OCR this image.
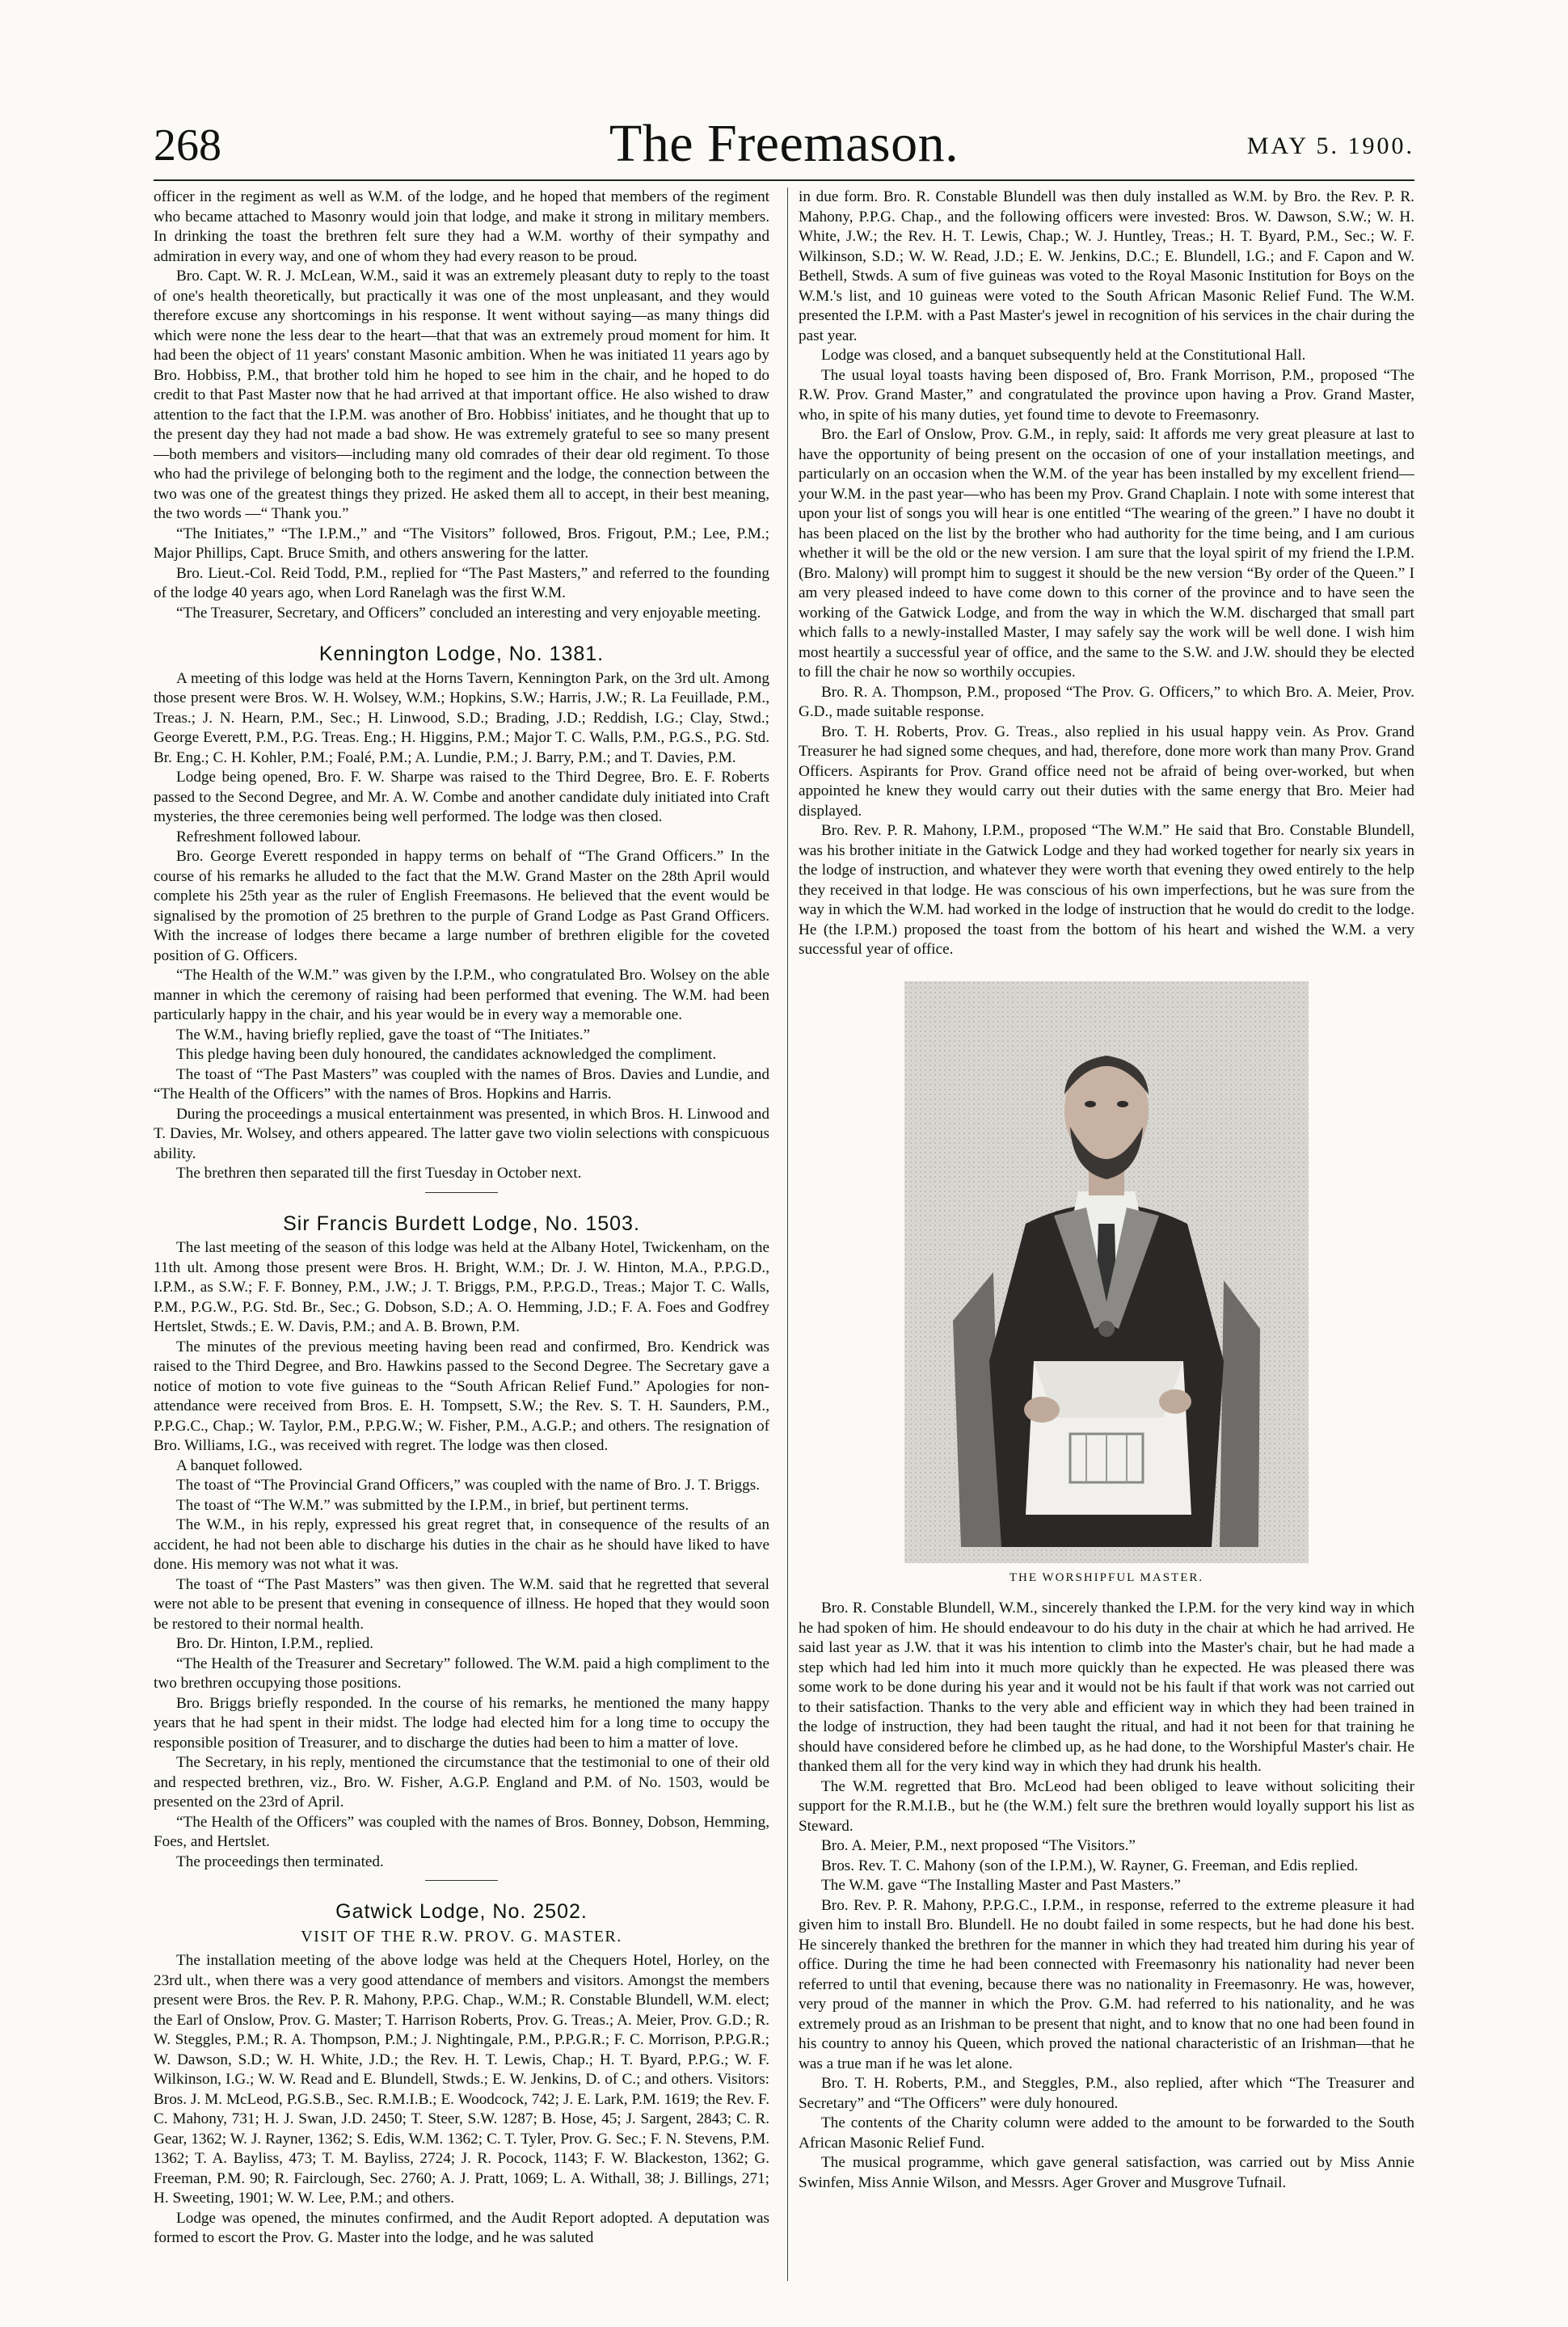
268	The Freemason.	MAY 5. 1900.

officer in the regiment as well as W.M. of the lodge, and he hoped that members of the regiment who became attached to Masonry would join that lodge, and make it strong in military members. In drinking the toast the brethren felt sure they had a W.M. worthy of their sympathy and admiration in every way, and one of whom they had every reason to be proud.

Bro. Capt. W. R. J. McLean, W.M., said it was an extremely pleasant duty to reply to the toast of one's health theoretically, but practically it was one of the most unpleasant, and they would therefore excuse any shortcomings in his response. It went without saying—as many things did which were none the less dear to the heart—that that was an extremely proud moment for him. It had been the object of 11 years' constant Masonic ambition. When he was initiated 11 years ago by Bro. Hobbiss, P.M., that brother told him he hoped to see him in the chair, and he hoped to do credit to that Past Master now that he had arrived at that important office. He also wished to draw attention to the fact that the I.P.M. was another of Bro. Hobbiss' initiates, and he thought that up to the present day they had not made a bad show. He was extremely grateful to see so many present—both members and visitors—including many old comrades of their dear old regiment. To those who had the privilege of belonging both to the regiment and the lodge, the connection between the two was one of the greatest things they prized. He asked them all to accept, in their best meaning, the two words —“ Thank you.”

“The Initiates,” “The I.P.M.,” and “The Visitors” followed, Bros. Frigout, P.M.; Lee, P.M.; Major Phillips, Capt. Bruce Smith, and others answering for the latter.

Bro. Lieut.-Col. Reid Todd, P.M., replied for “The Past Masters,” and referred to the founding of the lodge 40 years ago, when Lord Ranelagh was the first W.M.

“The Treasurer, Secretary, and Officers” concluded an interesting and very enjoyable meeting.

Kennington Lodge, No. 1381.

A meeting of this lodge was held at the Horns Tavern, Kennington Park, on the 3rd ult. Among those present were Bros. W. H. Wolsey, W.M.; Hopkins, S.W.; Harris, J.W.; R. La Feuillade, P.M., Treas.; J. N. Hearn, P.M., Sec.; H. Linwood, S.D.; Brading, J.D.; Reddish, I.G.; Clay, Stwd.; George Everett, P.M., P.G. Treas. Eng.; H. Higgins, P.M.; Major T. C. Walls, P.M., P.G.S., P.G. Std. Br. Eng.; C. H. Kohler, P.M.; Foalé, P.M.; A. Lundie, P.M.; J. Barry, P.M.; and T. Davies, P.M.

Lodge being opened, Bro. F. W. Sharpe was raised to the Third Degree, Bro. E. F. Roberts passed to the Second Degree, and Mr. A. W. Combe and another candidate duly initiated into Craft mysteries, the three ceremonies being well performed. The lodge was then closed.

Refreshment followed labour.

Bro. George Everett responded in happy terms on behalf of “The Grand Officers.” In the course of his remarks he alluded to the fact that the M.W. Grand Master on the 28th April would complete his 25th year as the ruler of English Freemasons. He believed that the event would be signalised by the promotion of 25 brethren to the purple of Grand Lodge as Past Grand Officers. With the increase of lodges there became a large number of brethren eligible for the coveted position of G. Officers.

“The Health of the W.M.” was given by the I.P.M., who congratulated Bro. Wolsey on the able manner in which the ceremony of raising had been performed that evening. The W.M. had been particularly happy in the chair, and his year would be in every way a memorable one.

The W.M., having briefly replied, gave the toast of “The Initiates.”

This pledge having been duly honoured, the candidates acknowledged the compliment.

The toast of “The Past Masters” was coupled with the names of Bros. Davies and Lundie, and “The Health of the Officers” with the names of Bros. Hopkins and Harris.

During the proceedings a musical entertainment was presented, in which Bros. H. Linwood and T. Davies, Mr. Wolsey, and others appeared. The latter gave two violin selections with conspicuous ability.

The brethren then separated till the first Tuesday in October next.

Sir Francis Burdett Lodge, No. 1503.

The last meeting of the season of this lodge was held at the Albany Hotel, Twickenham, on the 11th ult. Among those present were Bros. H. Bright, W.M.; Dr. J. W. Hinton, M.A., P.P.G.D., I.P.M., as S.W.; F. F. Bonney, P.M., J.W.; J. T. Briggs, P.M., P.P.G.D., Treas.; Major T. C. Walls, P.M., P.G.W., P.G. Std. Br., Sec.; G. Dobson, S.D.; A. O. Hemming, J.D.; F. A. Foes and Godfrey Hertslet, Stwds.; E. W. Davis, P.M.; and A. B. Brown, P.M.

The minutes of the previous meeting having been read and confirmed, Bro. Kendrick was raised to the Third Degree, and Bro. Hawkins passed to the Second Degree. The Secretary gave a notice of motion to vote five guineas to the “South African Relief Fund.” Apologies for non-attendance were received from Bros. E. H. Tompsett, S.W.; the Rev. S. T. H. Saunders, P.M., P.P.G.C., Chap.; W. Taylor, P.M., P.P.G.W.; W. Fisher, P.M., A.G.P.; and others. The resignation of Bro. Williams, I.G., was received with regret. The lodge was then closed.

A banquet followed.

The toast of “The Provincial Grand Officers,” was coupled with the name of Bro. J. T. Briggs.

The toast of “The W.M.” was submitted by the I.P.M., in brief, but pertinent terms.

The W.M., in his reply, expressed his great regret that, in consequence of the results of an accident, he had not been able to discharge his duties in the chair as he should have liked to have done. His memory was not what it was.

The toast of “The Past Masters” was then given. The W.M. said that he regretted that several were not able to be present that evening in consequence of illness. He hoped that they would soon be restored to their normal health.

Bro. Dr. Hinton, I.P.M., replied.

“The Health of the Treasurer and Secretary” followed. The W.M. paid a high compliment to the two brethren occupying those positions.

Bro. Briggs briefly responded. In the course of his remarks, he mentioned the many happy years that he had spent in their midst. The lodge had elected him for a long time to occupy the responsible position of Treasurer, and to discharge the duties had been to him a matter of love.

The Secretary, in his reply, mentioned the circumstance that the testimonial to one of their old and respected brethren, viz., Bro. W. Fisher, A.G.P. England and P.M. of No. 1503, would be presented on the 23rd of April.

“The Health of the Officers” was coupled with the names of Bros. Bonney, Dobson, Hemming, Foes, and Hertslet.

The proceedings then terminated.

Gatwick Lodge, No. 2502.
VISIT OF THE R.W. PROV. G. MASTER.

The installation meeting of the above lodge was held at the Chequers Hotel, Horley, on the 23rd ult., when there was a very good attendance of members and visitors. Amongst the members present were Bros. the Rev. P. R. Mahony, P.P.G. Chap., W.M.; R. Constable Blundell, W.M. elect; the Earl of Onslow, Prov. G. Master; T. Harrison Roberts, Prov. G. Treas.; A. Meier, Prov. G.D.; R. W. Steggles, P.M.; R. A. Thompson, P.M.; J. Nightingale, P.M., P.P.G.R.; F. C. Morrison, P.P.G.R.; W. Dawson, S.D.; W. H. White, J.D.; the Rev. H. T. Lewis, Chap.; H. T. Byard, P.P.G.; W. F. Wilkinson, I.G.; W. W. Read and E. Blundell, Stwds.; E. W. Jenkins, D. of C.; and others. Visitors: Bros. J. M. McLeod, P.G.S.B., Sec. R.M.I.B.; E. Woodcock, 742; J. E. Lark, P.M. 1619; the Rev. F. C. Mahony, 731; H. J. Swan, J.D. 2450; T. Steer, S.W. 1287; B. Hose, 45; J. Sargent, 2843; C. R. Gear, 1362; W. J. Rayner, 1362; S. Edis, W.M. 1362; C. T. Tyler, Prov. G. Sec.; F. N. Stevens, P.M. 1362; T. A. Bayliss, 473; T. M. Bayliss, 2724; J. R. Pocock, 1143; F. W. Blackeston, 1362; G. Freeman, P.M. 90; R. Fairclough, Sec. 2760; A. J. Pratt, 1069; L. A. Withall, 38; J. Billings, 271; H. Sweeting, 1901; W. W. Lee, P.M.; and others.

Lodge was opened, the minutes confirmed, and the Audit Report adopted. A deputation was formed to escort the Prov. G. Master into the lodge, and he was saluted

in due form. Bro. R. Constable Blundell was then duly installed as W.M. by Bro. the Rev. P. R. Mahony, P.P.G. Chap., and the following officers were invested: Bros. W. Dawson, S.W.; W. H. White, J.W.; the Rev. H. T. Lewis, Chap.; W. J. Huntley, Treas.; H. T. Byard, P.M., Sec.; W. F. Wilkinson, S.D.; W. W. Read, J.D.; E. W. Jenkins, D.C.; E. Blundell, I.G.; and F. Capon and W. Bethell, Stwds. A sum of five guineas was voted to the Royal Masonic Institution for Boys on the W.M.'s list, and 10 guineas were voted to the South African Masonic Relief Fund. The W.M. presented the I.P.M. with a Past Master's jewel in recognition of his services in the chair during the past year.

Lodge was closed, and a banquet subsequently held at the Constitutional Hall.

The usual loyal toasts having been disposed of, Bro. Frank Morrison, P.M., proposed “The R.W. Prov. Grand Master,” and congratulated the province upon having a Prov. Grand Master, who, in spite of his many duties, yet found time to devote to Freemasonry.

Bro. the Earl of Onslow, Prov. G.M., in reply, said: It affords me very great pleasure at last to have the opportunity of being present on the occasion of one of your installation meetings, and particularly on an occasion when the W.M. of the year has been installed by my excellent friend—your W.M. in the past year—who has been my Prov. Grand Chaplain. I note with some interest that upon your list of songs you will hear is one entitled “The wearing of the green.” I have no doubt it has been placed on the list by the brother who had authority for the time being, and I am curious whether it will be the old or the new version. I am sure that the loyal spirit of my friend the I.P.M. (Bro. Malony) will prompt him to suggest it should be the new version “By order of the Queen.” I am very pleased indeed to have come down to this corner of the province and to have seen the working of the Gatwick Lodge, and from the way in which the W.M. discharged that small part which falls to a newly-installed Master, I may safely say the work will be well done. I wish him most heartily a successful year of office, and the same to the S.W. and J.W. should they be elected to fill the chair he now so worthily occupies.

Bro. R. A. Thompson, P.M., proposed “The Prov. G. Officers,” to which Bro. A. Meier, Prov. G.D., made suitable response.

Bro. T. H. Roberts, Prov. G. Treas., also replied in his usual happy vein. As Prov. Grand Treasurer he had signed some cheques, and had, therefore, done more work than many Prov. Grand Officers. Aspirants for Prov. Grand office need not be afraid of being over-worked, but when appointed he knew they would carry out their duties with the same energy that Bro. Meier had displayed.

Bro. Rev. P. R. Mahony, I.P.M., proposed “The W.M.” He said that Bro. Constable Blundell, was his brother initiate in the Gatwick Lodge and they had worked together for nearly six years in the lodge of instruction, and whatever they were worth that evening they owed entirely to the help they received in that lodge. He was conscious of his own imperfections, but he was sure from the way in which the W.M. had worked in the lodge of instruction that he would do credit to the lodge. He (the I.P.M.) proposed the toast from the bottom of his heart and wished the W.M. a very successful year of office.

THE WORSHIPFUL MASTER.

Bro. R. Constable Blundell, W.M., sincerely thanked the I.P.M. for the very kind way in which he had spoken of him. He should endeavour to do his duty in the chair at which he had arrived. He said last year as J.W. that it was his intention to climb into the Master's chair, but he had made a step which had led him into it much more quickly than he expected. He was pleased there was some work to be done during his year and it would not be his fault if that work was not carried out to their satisfaction. Thanks to the very able and efficient way in which they had been trained in the lodge of instruction, they had been taught the ritual, and had it not been for that training he should have considered before he climbed up, as he had done, to the Worshipful Master's chair. He thanked them all for the very kind way in which they had drunk his health.

The W.M. regretted that Bro. McLeod had been obliged to leave without soliciting their support for the R.M.I.B., but he (the W.M.) felt sure the brethren would loyally support his list as Steward.

Bro. A. Meier, P.M., next proposed “The Visitors.”

Bros. Rev. T. C. Mahony (son of the I.P.M.), W. Rayner, G. Freeman, and Edis replied.

The W.M. gave “The Installing Master and Past Masters.”

Bro. Rev. P. R. Mahony, P.P.G.C., I.P.M., in response, referred to the extreme pleasure it had given him to install Bro. Blundell. He no doubt failed in some respects, but he had done his best. He sincerely thanked the brethren for the manner in which they had treated him during his year of office. During the time he had been connected with Freemasonry his nationality had never been referred to until that evening, because there was no nationality in Freemasonry. He was, however, very proud of the manner in which the Prov. G.M. had referred to his nationality, and he was extremely proud as an Irishman to be present that night, and to know that no one had been found in his country to annoy his Queen, which proved the national characteristic of an Irishman—that he was a true man if he was let alone.

Bro. T. H. Roberts, P.M., and Steggles, P.M., also replied, after which “The Treasurer and Secretary” and “The Officers” were duly honoured.

The contents of the Charity column were added to the amount to be forwarded to the South African Masonic Relief Fund.

The musical programme, which gave general satisfaction, was carried out by Miss Annie Swinfen, Miss Annie Wilson, and Messrs. Ager Grover and Musgrove Tufnail.
